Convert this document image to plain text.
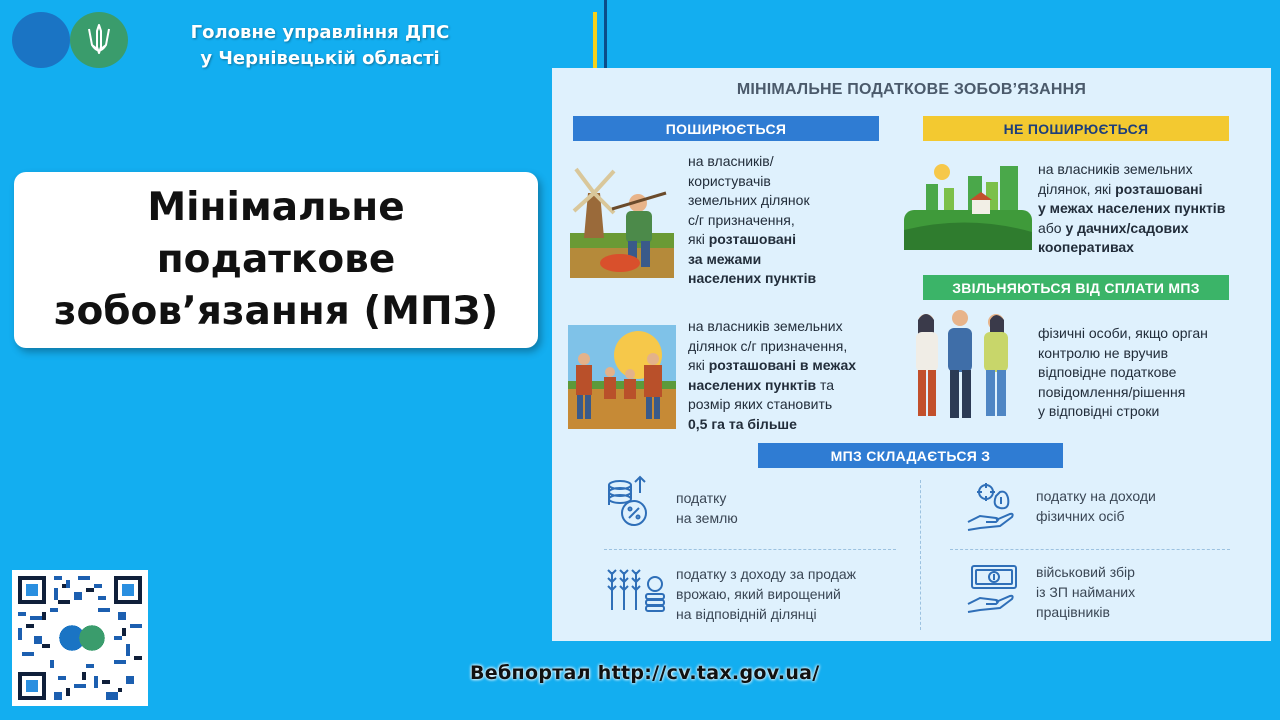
Головне управління ДПС
у Чернівецькій області
Мінімальне
податкове
зобов’язання (МПЗ)
Вебпортал http://cv.tax.gov.ua/
МІНІМАЛЬНЕ ПОДАТКОВЕ ЗОБОВ’ЯЗАННЯ
ПОШИРЮЄТЬСЯ	НЕ ПОШИРЮЄТЬСЯ
на власників/
користувачів
земельних ділянок
с/г призначення,
які розташовані
за межами
населених пунктів
на власників земельних
ділянок с/г призначення,
які розташовані в межах
населених пунктів та
розмір яких становить
0,5 га та більше
на власників земельних
ділянок, які розташовані
у межах населених пунктів
або у дачних/садових
кооперативах
ЗВІЛЬНЯЮТЬСЯ ВІД СПЛАТИ МПЗ
фізичні особи, якщо орган
контролю не вручив
відповідне податкове
повідомлення/рішення
у відповідні строки
МПЗ СКЛАДАЄТЬСЯ З
податку
на землю
податку на доходи
фізичних осіб
податку з доходу за продаж
врожаю, який вирощений
на відповідній ділянці
військовий збір
із ЗП найманих
працівників
